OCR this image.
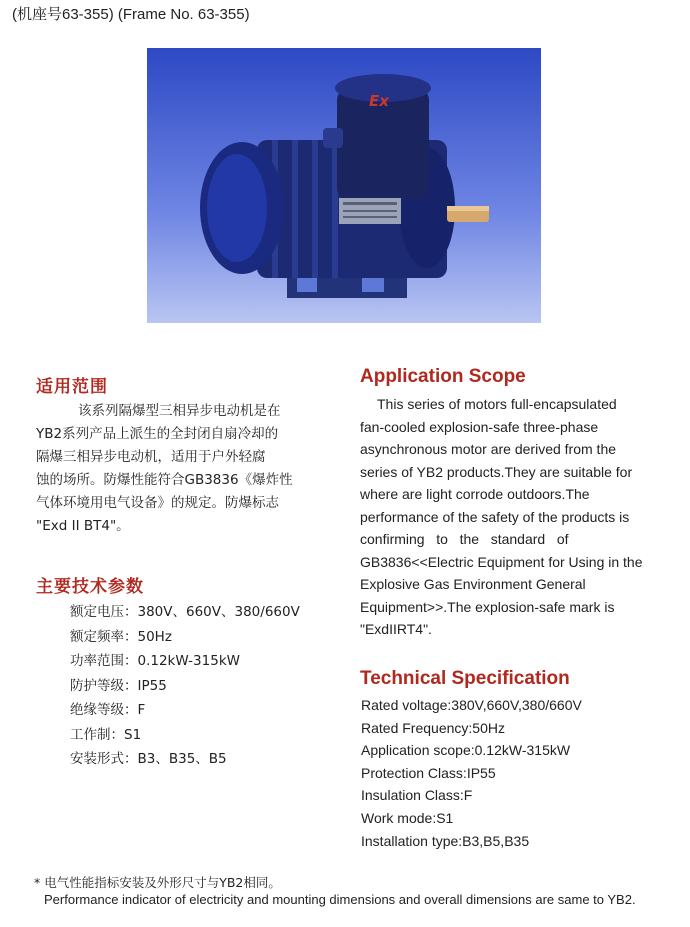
(机座号63-355) (Frame No. 63-355)
Ex
适用范围
该系列隔爆型三相异步电动机是在
YB2系列产品上派生的全封闭自扇冷却的
隔爆三相异步电动机，适用于户外轻腐
蚀的场所。防爆性能符合GB3836《爆炸性
气体环境用电气设备》的规定。防爆标志
"Exd II BT4"。
Application Scope
This series of motors full-encapsulated
fan-cooled explosion-safe three-phase
asynchronous motor are derived from the
series of YB2 products.They are suitable for
where are light corrode outdoors.The
performance of the safety of the products is
confirming   to   the   standard   of
GB3836<<Electric Equipment for Using in the
Explosive Gas Environment General
Equipment>>.The explosion-safe mark is
"ExdIIRT4".
主要技术参数
额定电压：380V、660V、380/660V
额定频率：50Hz
功率范围：0.12kW-315kW
防护等级：IP55
绝缘等级：F
工作制：S1
安装形式：B3、B35、B5
Technical Specification
Rated voltage:380V,660V,380/660V
Rated Frequency:50Hz
Application scope:0.12kW-315kW
Protection Class:IP55
Insulation Class:F
Work mode:S1
Installation type:B3,B5,B35
* 电气性能指标安装及外形尺寸与YB2相同。
Performance indicator of electricity and mounting dimensions and overall dimensions are same to YB2.
